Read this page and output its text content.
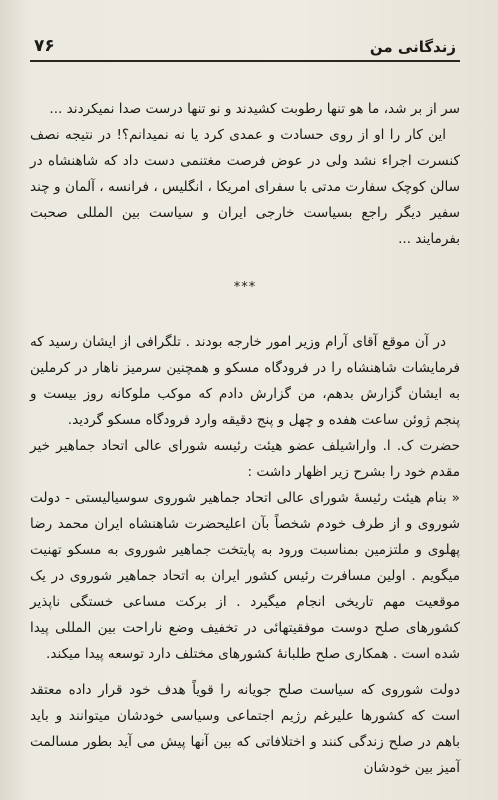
زندگانی من
۷۶

سر از بر شد، ما هو تنها رطوبت کشیدند و نو تنها درست صدا نمیکردند ...

این کار را او از روی حسادت و عمدی کرد یا نه نمیدانم؟! در نتیجه نصف کنسرت اجراء نشد ولی در عوض فرصت مغتنمی دست داد که شاهنشاه در سالن کوچک سفارت مدتی با سفرای امریکا ، انگلیس ، فرانسه ، آلمان و چند سفیر دیگر راجع بسیاست خارجی ایران و سیاست بین المللی صحبت بفرمایند ...

***

در آن موقع آقای آرام وزیر امور خارجه بودند . تلگرافی از ایشان رسید که فرمایشات شاهنشاه را در فرودگاه مسکو و همچنین سرمیز ناهار در کرملین به ایشان گزارش بدهم، من گزارش دادم که موکب ملوکانه روز بیست و پنجم ژوئن ساعت هفده و چهل و پنج دقیقه وارد فرودگاه مسکو گردید.

حضرت ک. ا. واراشیلف عضو هیئت رئیسه شورای عالی اتحاد جماهیر خیر مقدم خود را بشرح زیر اظهار داشت :

« بنام هیئت رئیسهٔ شورای عالی اتحاد جماهیر شوروی سوسیالیستی - دولت شوروی و از طرف خودم شخصاً بآن اعلیحضرت شاهنشاه ایران محمد رضا پهلوی و ملتزمین بمناسبت ورود به پایتخت جماهیر شوروی به مسکو تهنیت میگویم . اولین مسافرت رئیس کشور ایران به اتحاد جماهیر شوروی در یک موقعیت مهم تاریخی انجام میگیرد . از برکت مساعی خستگی ناپذیر کشورهای صلح دوست موفقیتهائی در تخفیف وضع ناراحت بین المللی پیدا شده است . همکاری صلح طلبانهٔ کشورهای مختلف دارد توسعه پیدا میکند.

دولت شوروی که سیاست صلح جویانه را قویاً هدف خود قرار داده معتقد است که کشورها علیرغم رژیم اجتماعی وسیاسی خودشان میتوانند و باید باهم در صلح زندگی کنند و اختلافاتی که بین آنها پیش می آید بطور مسالمت آمیز بین خودشان
